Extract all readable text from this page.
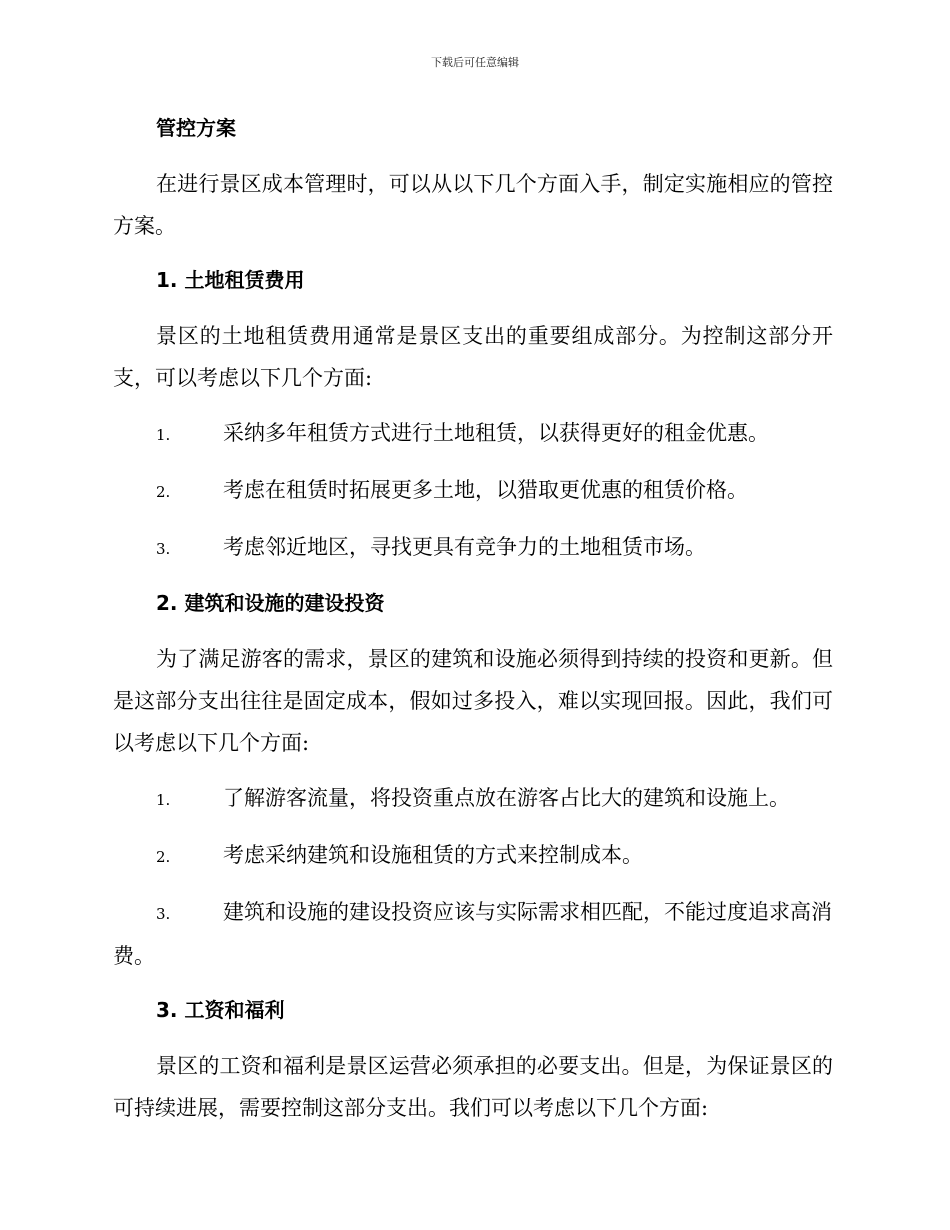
下载后可任意编辑
管控方案
在进行景区成本管理时，可以从以下几个方面入手，制定实施相应的管控方案。
1. 土地租赁费用
景区的土地租赁费用通常是景区支出的重要组成部分。为控制这部分开支，可以考虑以下几个方面:
1.	采纳多年租赁方式进行土地租赁，以获得更好的租金优惠。
2.	考虑在租赁时拓展更多土地，以猎取更优惠的租赁价格。
3.	考虑邻近地区，寻找更具有竞争力的土地租赁市场。
2. 建筑和设施的建设投资
为了满足游客的需求，景区的建筑和设施必须得到持续的投资和更新。但是这部分支出往往是固定成本，假如过多投入，难以实现回报。因此，我们可以考虑以下几个方面:
1.	了解游客流量，将投资重点放在游客占比大的建筑和设施上。
2.	考虑采纳建筑和设施租赁的方式来控制成本。
3.	建筑和设施的建设投资应该与实际需求相匹配，不能过度追求高消费。
3. 工资和福利
景区的工资和福利是景区运营必须承担的必要支出。但是，为保证景区的可持续进展，需要控制这部分支出。我们可以考虑以下几个方面:
